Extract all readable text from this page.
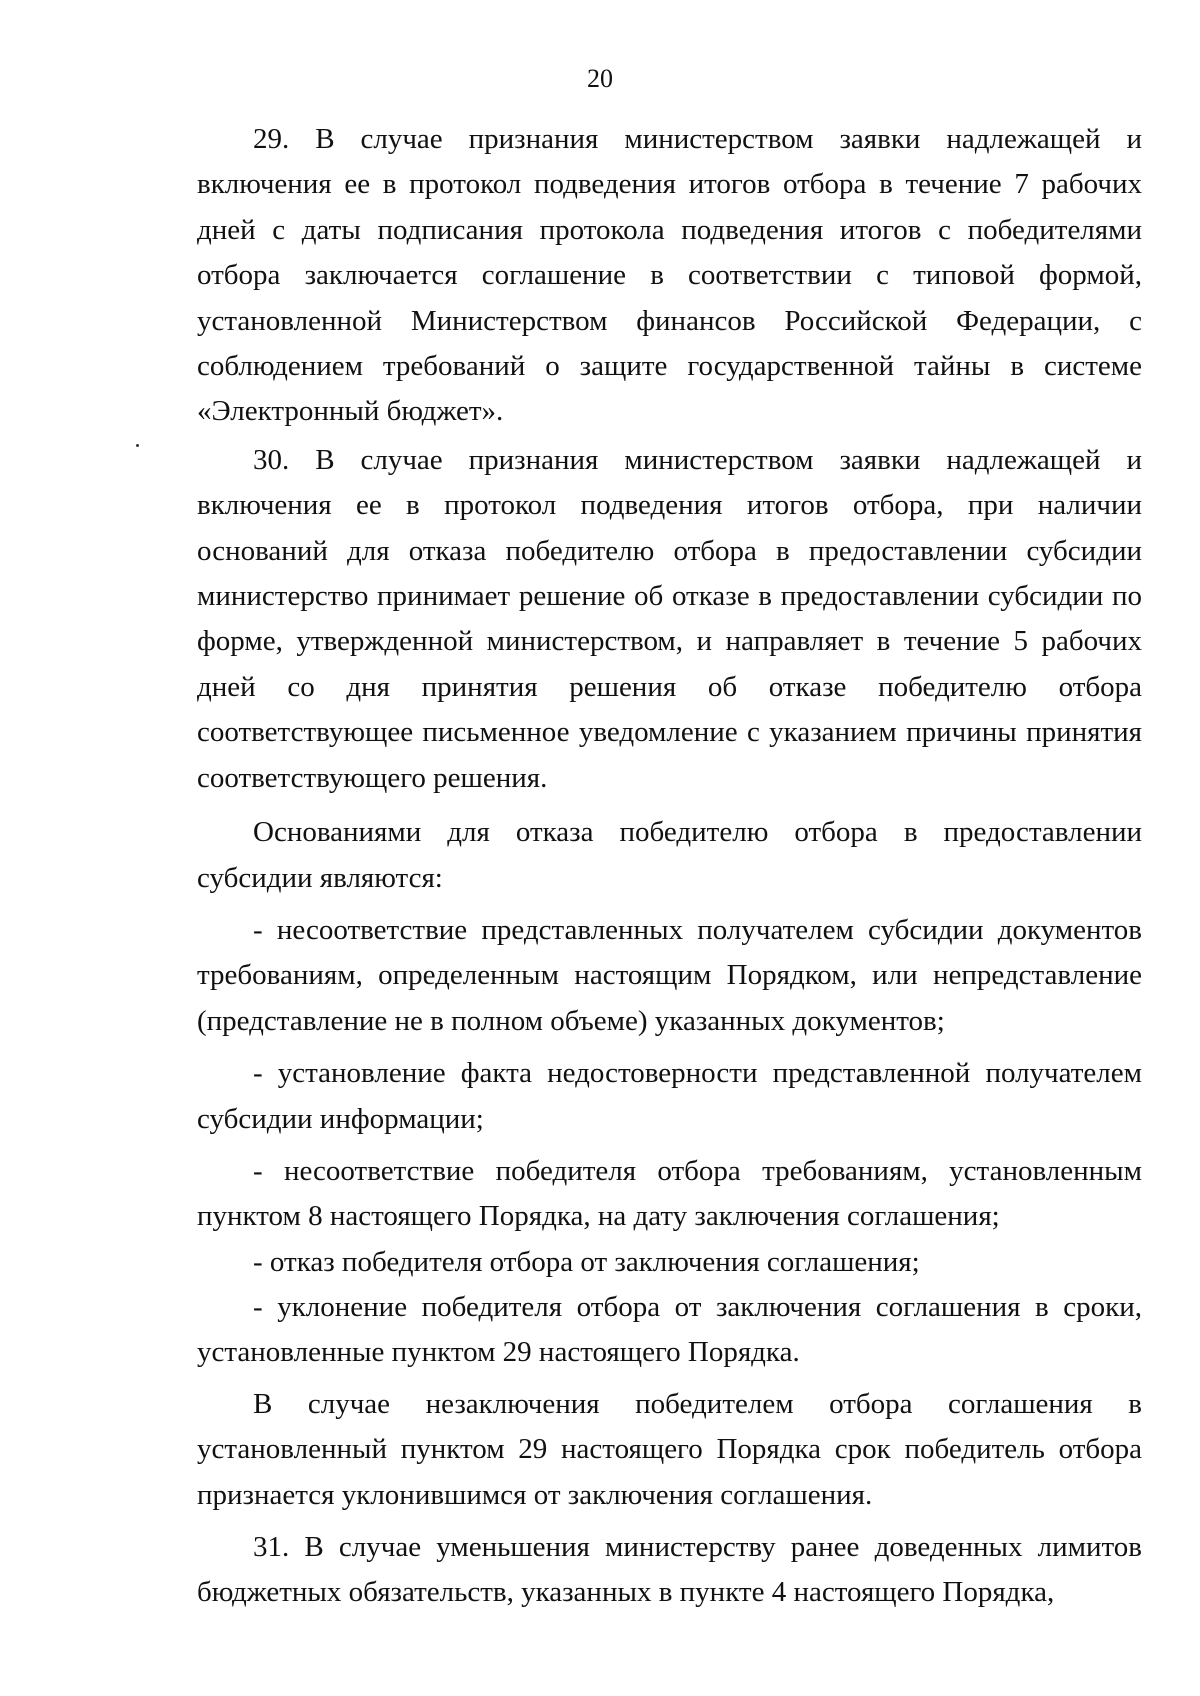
20

29. В случае признания министерством заявки надлежащей и включения ее в протокол подведения итогов отбора в течение 7 рабочих дней с даты подписания протокола подведения итогов с победителями отбора заключается соглашение в соответствии с типовой формой, установленной Министерством финансов Российской Федерации, с соблюдением требований о защите государственной тайны в системе «Электронный бюджет».

30. В случае признания министерством заявки надлежащей и включения ее в протокол подведения итогов отбора, при наличии оснований для отказа победителю отбора в предоставлении субсидии министерство принимает решение об отказе в предоставлении субсидии по форме, утвержденной министерством, и направляет в течение 5 рабочих дней со дня принятия решения об отказе победителю отбора соответствующее письменное уведомление с указанием причины принятия соответствующего решения.

Основаниями для отказа победителю отбора в предоставлении субсидии являются:

- несоответствие представленных получателем субсидии документов требованиям, определенным настоящим Порядком, или непредставление (представление не в полном объеме) указанных документов;

- установление факта недостоверности представленной получателем субсидии информации;

- несоответствие победителя отбора требованиям, установленным пунктом 8 настоящего Порядка, на дату заключения соглашения;

- отказ победителя отбора от заключения соглашения;

- уклонение победителя отбора от заключения соглашения в сроки, установленные пунктом 29 настоящего Порядка.

В случае незаключения победителем отбора соглашения в установленный пунктом 29 настоящего Порядка срок победитель отбора признается уклонившимся от заключения соглашения.

31. В случае уменьшения министерству ранее доведенных лимитов бюджетных обязательств, указанных в пункте 4 настоящего Порядка,
